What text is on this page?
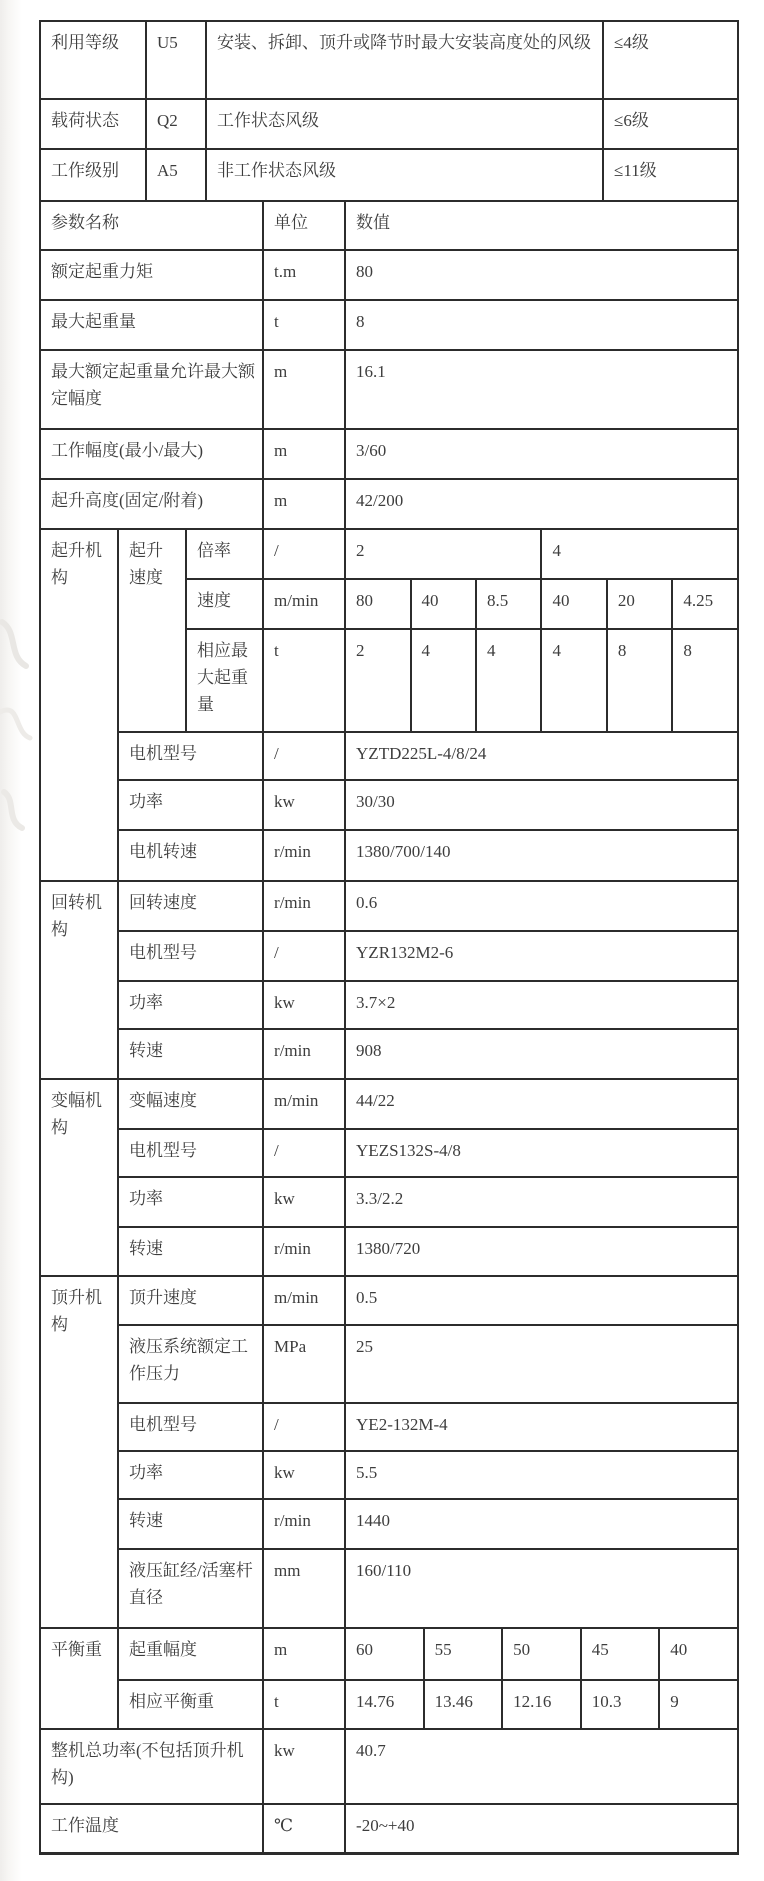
利用等级	U5	安装、拆卸、顶升或降节时最大安装高度处的风级	≤4级
载荷状态	Q2	工作状态风级	≤6级
工作级别	A5	非工作状态风级	≤11级
参数名称			单位	数值									
额定起重力矩			t.m	80									
最大起重量			t	8									
最大额定起重量允许最大额定幅度			m	16.1									
工作幅度(最小/最大)			m	3/60									
起升高度(固定/附着)			m	42/200									
起升机构	起升速度	倍率	/	2					4				
		速度	m/min	80	40		8.5		40		20		4.25
		相应最大起重量	t	2	4		4		4		8		8
	电机型号		/	YZTD225L-4/8/24									
	功率		kw	30/30									
	电机转速		r/min	1380/700/140									
回转机构	回转速度		r/min	0.6									
	电机型号		/	YZR132M2-6									
	功率		kw	3.7×2									
	转速		r/min	908									
变幅机构	变幅速度		m/min	44/22									
	电机型号		/	YEZS132S-4/8									
	功率		kw	3.3/2.2									
	转速		r/min	1380/720									
顶升机构	顶升速度		m/min	0.5									
	液压系统额定工作压力		MPa	25									
	电机型号		/	YE2-132M-4									
	功率		kw	5.5									
	转速		r/min	1440									
	液压缸经/活塞杆直径		mm	160/110									
平衡重	起重幅度		m	60		55		50		45		40	
	相应平衡重		t	14.76		13.46		12.16		10.3		9	
整机总功率(不包括顶升机构)			kw	40.7									
工作温度			℃	-20~+40									
